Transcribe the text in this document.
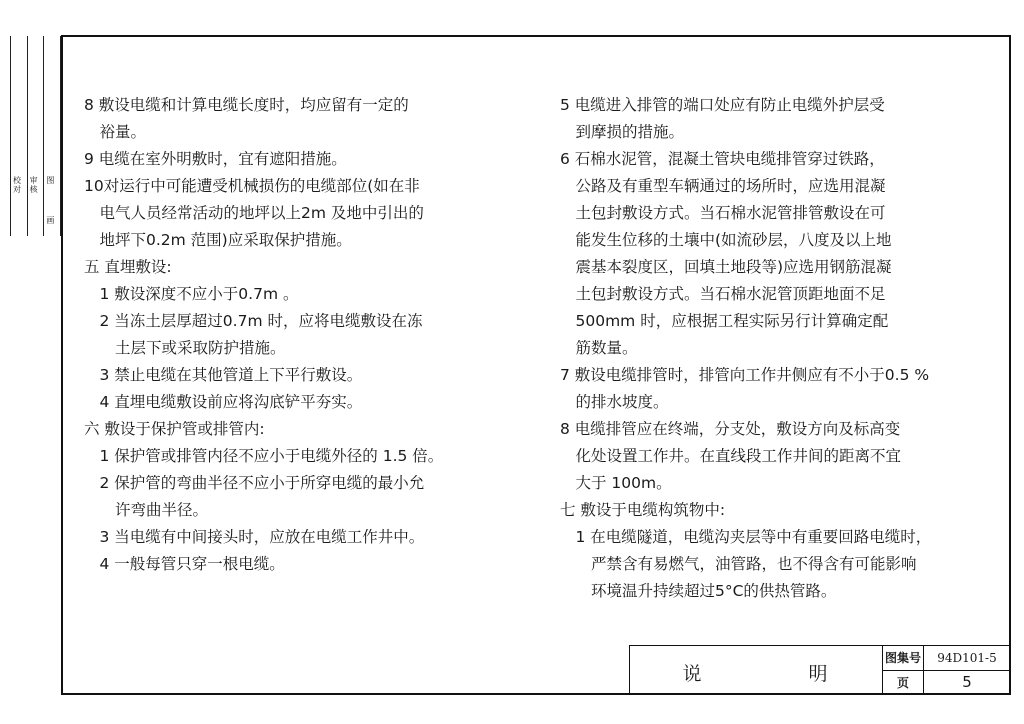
校对
审核
图
画
8 敷设电缆和计算电缆长度时，均应留有一定的
　裕量。
9 电缆在室外明敷时，宜有遮阳措施。
10对运行中可能遭受机械损伤的电缆部位(如在非
　电气人员经常活动的地坪以上2m 及地中引出的
　地坪下0.2m 范围)应采取保护措施。
五 直埋敷设:
　1 敷设深度不应小于0.7m 。
　2 当冻土层厚超过0.7m 时，应将电缆敷设在冻
　　土层下或采取防护措施。
　3 禁止电缆在其他管道上下平行敷设。
　4 直埋电缆敷设前应将沟底铲平夯实。
六 敷设于保护管或排管内:
　1 保护管或排管内径不应小于电缆外径的 1.5 倍。
　2 保护管的弯曲半径不应小于所穿电缆的最小允
　　许弯曲半径。
　3 当电缆有中间接头时，应放在电缆工作井中。
　4 一般每管只穿一根电缆。
5 电缆进入排管的端口处应有防止电缆外护层受
　到摩损的措施。
6 石棉水泥管，混凝土管块电缆排管穿过铁路，
　公路及有重型车辆通过的场所时，应选用混凝
　土包封敷设方式。当石棉水泥管排管敷设在可
　能发生位移的土壤中(如流砂层，八度及以上地
　震基本裂度区，回填土地段等)应选用钢筋混凝
　土包封敷设方式。当石棉水泥管顶距地面不足
　500mm 时，应根据工程实际另行计算确定配
　筋数量。
7 敷设电缆排管时，排管向工作井侧应有不小于0.5 %
　的排水坡度。
8 电缆排管应在终端，分支处，敷设方向及标高变
　化处设置工作井。在直线段工作井间的距离不宜
　大于 100m。
七 敷设于电缆构筑物中:
　1 在电缆隧道，电缆沟夹层等中有重要回路电缆时，
　　严禁含有易燃气，油管路，也不得含有可能影响
　　环境温升持续超过5°C的供热管路。
说	明
图集号	94D101-5
页	5
